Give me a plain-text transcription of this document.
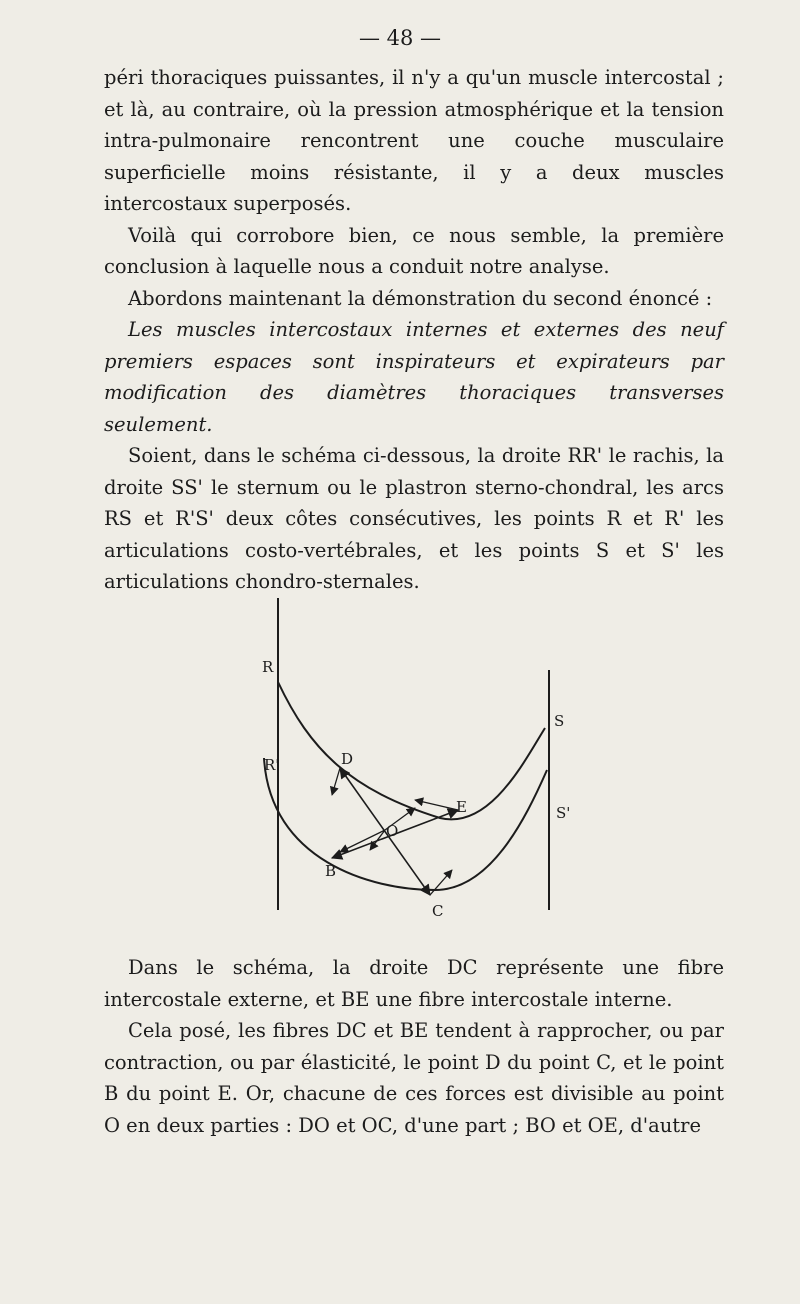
— 48 —

péri thoraciques puissantes, il n'y a qu'un muscle intercostal ; et là, au contraire, où la pression atmosphérique et la tension intra-pulmonaire rencontrent une couche musculaire superficielle moins résistante, il y a deux muscles intercostaux superposés.

Voilà qui corrobore bien, ce nous semble, la première conclusion à laquelle nous a conduit notre analyse.

Abordons maintenant la démonstration du second énoncé :

Les muscles intercostaux internes et externes des neuf premiers espaces sont inspirateurs et expirateurs par modification des diamètres thoraciques transverses seulement.

Soient, dans le schéma ci-dessous, la droite RR' le rachis, la droite SS' le sternum ou le plastron sterno-chondral, les arcs RS et R'S' deux côtes consécutives, les points R et R' les articulations costo-vertébrales, et les points S et S' les articulations chondro-sternales.

R
R'
S
S'
D
E
O
B
C

Dans le schéma, la droite DC représente une fibre intercostale externe, et BE une fibre intercostale interne.

Cela posé, les fibres DC et BE tendent à rapprocher, ou par contraction, ou par élasticité, le point D du point C, et le point B du point E. Or, chacune de ces forces est divisible au point O en deux parties : DO et OC, d'une part ; BO et OE, d'autre
